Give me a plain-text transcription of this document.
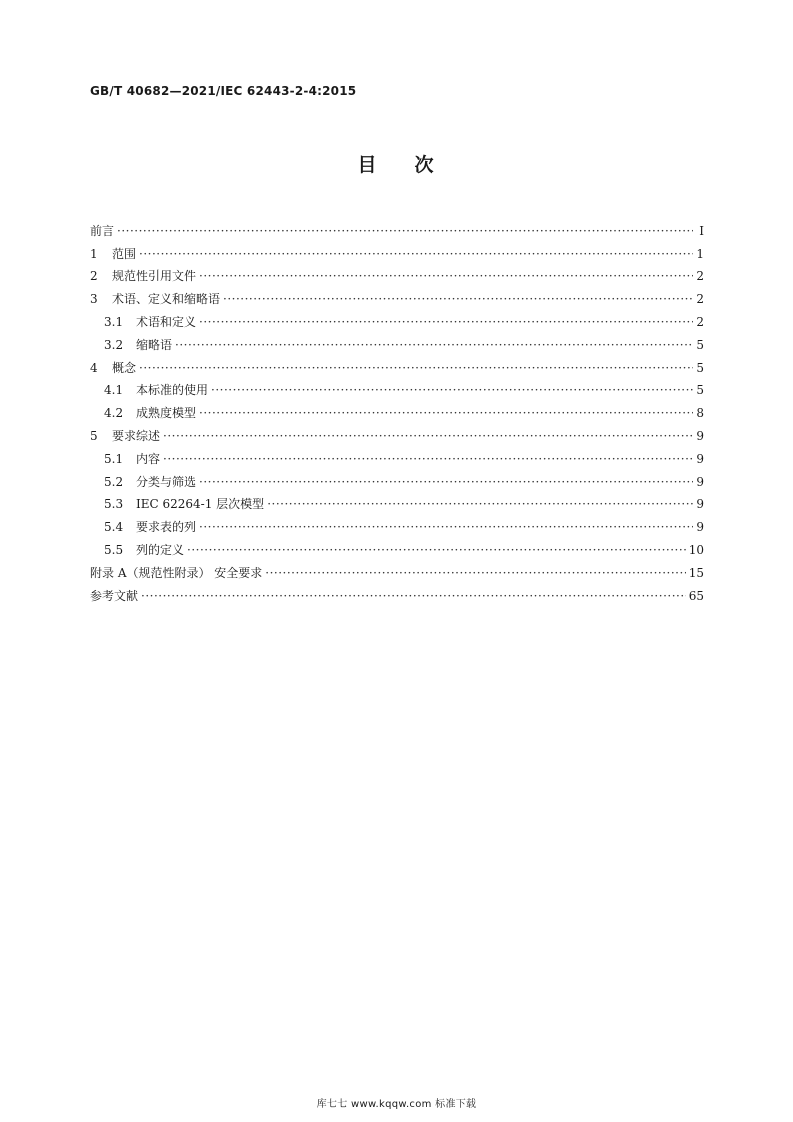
GB/T 40682—2021/IEC 62443-2-4:2015
目 次
前言 ·····	Ⅰ
1	范围 ·····	1
2	规范性引用文件 ·····	2
3	术语、定义和缩略语 ·····	2
3.1	术语和定义 ·····	2
3.2	缩略语 ·····	5
4	概念 ·····	5
4.1	本标准的使用 ·····	5
4.2	成熟度模型 ·····	8
5	要求综述 ·····	9
5.1	内容 ·····	9
5.2	分类与筛选 ·····	9
5.3	IEC 62264-1 层次模型 ·····	9
5.4	要求表的列 ·····	9
5.5	列的定义 ·····	10
附录 A（规范性附录） 安全要求 ·····	15
参考文献 ·····	65
库七七 www.kqqw.com 标准下载
